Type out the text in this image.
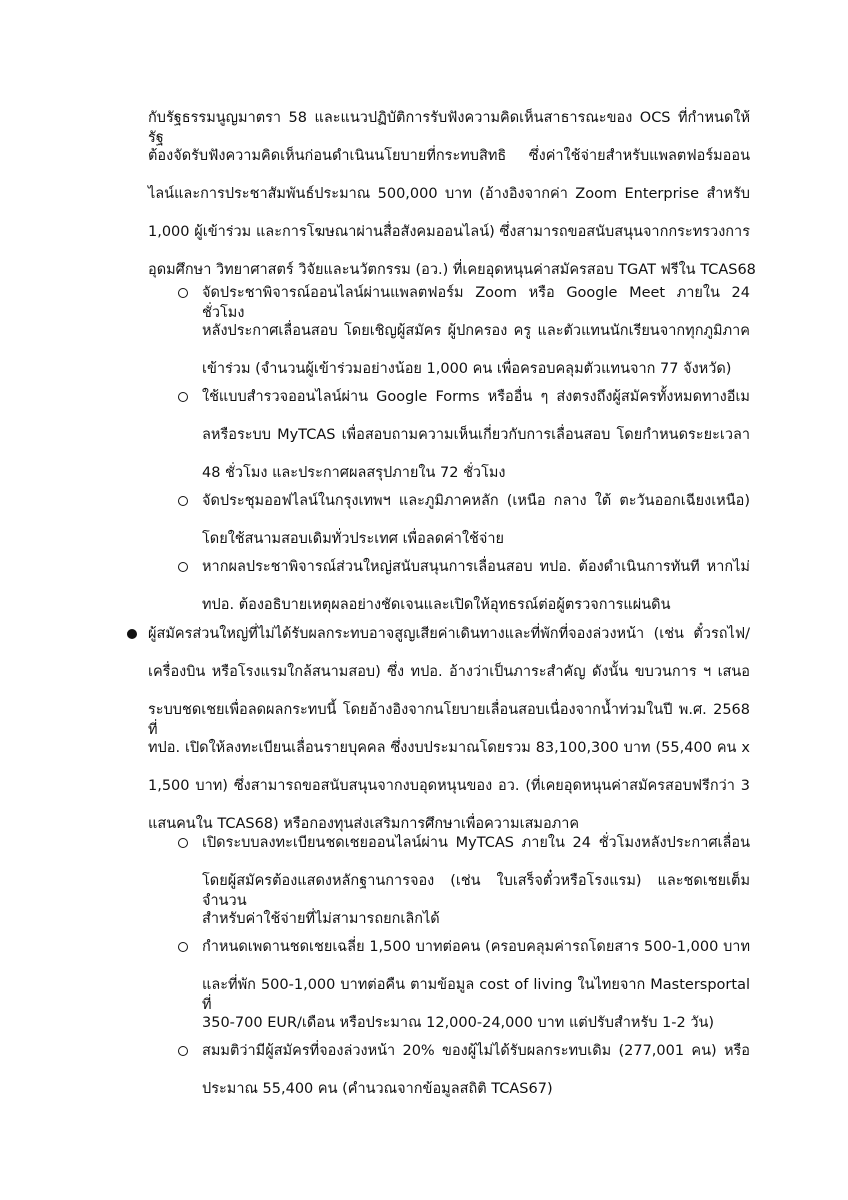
กับรัฐธรรมนูญมาตรา 58 และแนวปฏิบัติการรับฟังความคิดเห็นสาธารณะของ OCS ที่กำหนดให้รัฐ
ต้องจัดรับฟังความคิดเห็นก่อนดำเนินนโยบายที่กระทบสิทธิ ซึ่งค่าใช้จ่ายสำหรับแพลตฟอร์มออน
ไลน์และการประชาสัมพันธ์ประมาณ 500,000 บาท (อ้างอิงจากค่า Zoom Enterprise สำหรับ
1,000 ผู้เข้าร่วม และการโฆษณาผ่านสื่อสังคมออนไลน์) ซึ่งสามารถขอสนับสนุนจากกระทรวงการ
อุดมศึกษา วิทยาศาสตร์ วิจัยและนวัตกรรม (อว.) ที่เคยอุดหนุนค่าสมัครสอบ TGAT ฟรีใน TCAS68
จัดประชาพิจารณ์ออนไลน์ผ่านแพลตฟอร์ม Zoom หรือ Google Meet ภายใน 24 ชั่วโมง
หลังประกาศเลื่อนสอบ โดยเชิญผู้สมัคร ผู้ปกครอง ครู และตัวแทนนักเรียนจากทุกภูมิภาค
เข้าร่วม (จำนวนผู้เข้าร่วมอย่างน้อย 1,000 คน เพื่อครอบคลุมตัวแทนจาก 77 จังหวัด)
ใช้แบบสำรวจออนไลน์ผ่าน Google Forms หรืออื่น ๆ ส่งตรงถึงผู้สมัครทั้งหมดทางอีเม
ลหรือระบบ MyTCAS เพื่อสอบถามความเห็นเกี่ยวกับการเลื่อนสอบ โดยกำหนดระยะเวลา
48 ชั่วโมง และประกาศผลสรุปภายใน 72 ชั่วโมง
จัดประชุมออฟไลน์ในกรุงเทพฯ และภูมิภาคหลัก (เหนือ กลาง ใต้ ตะวันออกเฉียงเหนือ)
โดยใช้สนามสอบเดิมทั่วประเทศ เพื่อลดค่าใช้จ่าย
หากผลประชาพิจารณ์ส่วนใหญ่สนับสนุนการเลื่อนสอบ ทปอ. ต้องดำเนินการทันที หากไม่
ทปอ. ต้องอธิบายเหตุผลอย่างชัดเจนและเปิดให้อุทธรณ์ต่อผู้ตรวจการแผ่นดิน
ผู้สมัครส่วนใหญ่ที่ไม่ได้รับผลกระทบอาจสูญเสียค่าเดินทางและที่พักที่จองล่วงหน้า (เช่น ตั๋วรถไฟ/
เครื่องบิน หรือโรงแรมใกล้สนามสอบ) ซึ่ง ทปอ. อ้างว่าเป็นภาระสำคัญ ดังนั้น ขบวนการ ฯ เสนอ
ระบบชดเชยเพื่อลดผลกระทบนี้ โดยอ้างอิงจากนโยบายเลื่อนสอบเนื่องจากน้ำท่วมในปี พ.ศ. 2568 ที่
ทปอ. เปิดให้ลงทะเบียนเลื่อนรายบุคคล ซึ่งงบประมาณโดยรวม 83,100,300 บาท (55,400 คน x
1,500 บาท) ซึ่งสามารถขอสนับสนุนจากงบอุดหนุนของ อว. (ที่เคยอุดหนุนค่าสมัครสอบฟรีกว่า 3
แสนคนใน TCAS68) หรือกองทุนส่งเสริมการศึกษาเพื่อความเสมอภาค
เปิดระบบลงทะเบียนชดเชยออนไลน์ผ่าน MyTCAS ภายใน 24 ชั่วโมงหลังประกาศเลื่อน
โดยผู้สมัครต้องแสดงหลักฐานการจอง (เช่น ใบเสร็จตั๋วหรือโรงแรม) และชดเชยเต็มจำนวน
สำหรับค่าใช้จ่ายที่ไม่สามารถยกเลิกได้
กำหนดเพดานชดเชยเฉลี่ย 1,500 บาทต่อคน (ครอบคลุมค่ารถโดยสาร 500-1,000 บาท
และที่พัก 500-1,000 บาทต่อคืน ตามข้อมูล cost of living ในไทยจาก Mastersportal ที่
350-700 EUR/เดือน หรือประมาณ 12,000-24,000 บาท แต่ปรับสำหรับ 1-2 วัน)
สมมติว่ามีผู้สมัครที่จองล่วงหน้า 20% ของผู้ไม่ได้รับผลกระทบเดิม (277,001 คน) หรือ
ประมาณ 55,400 คน (คำนวณจากข้อมูลสถิติ TCAS67)
